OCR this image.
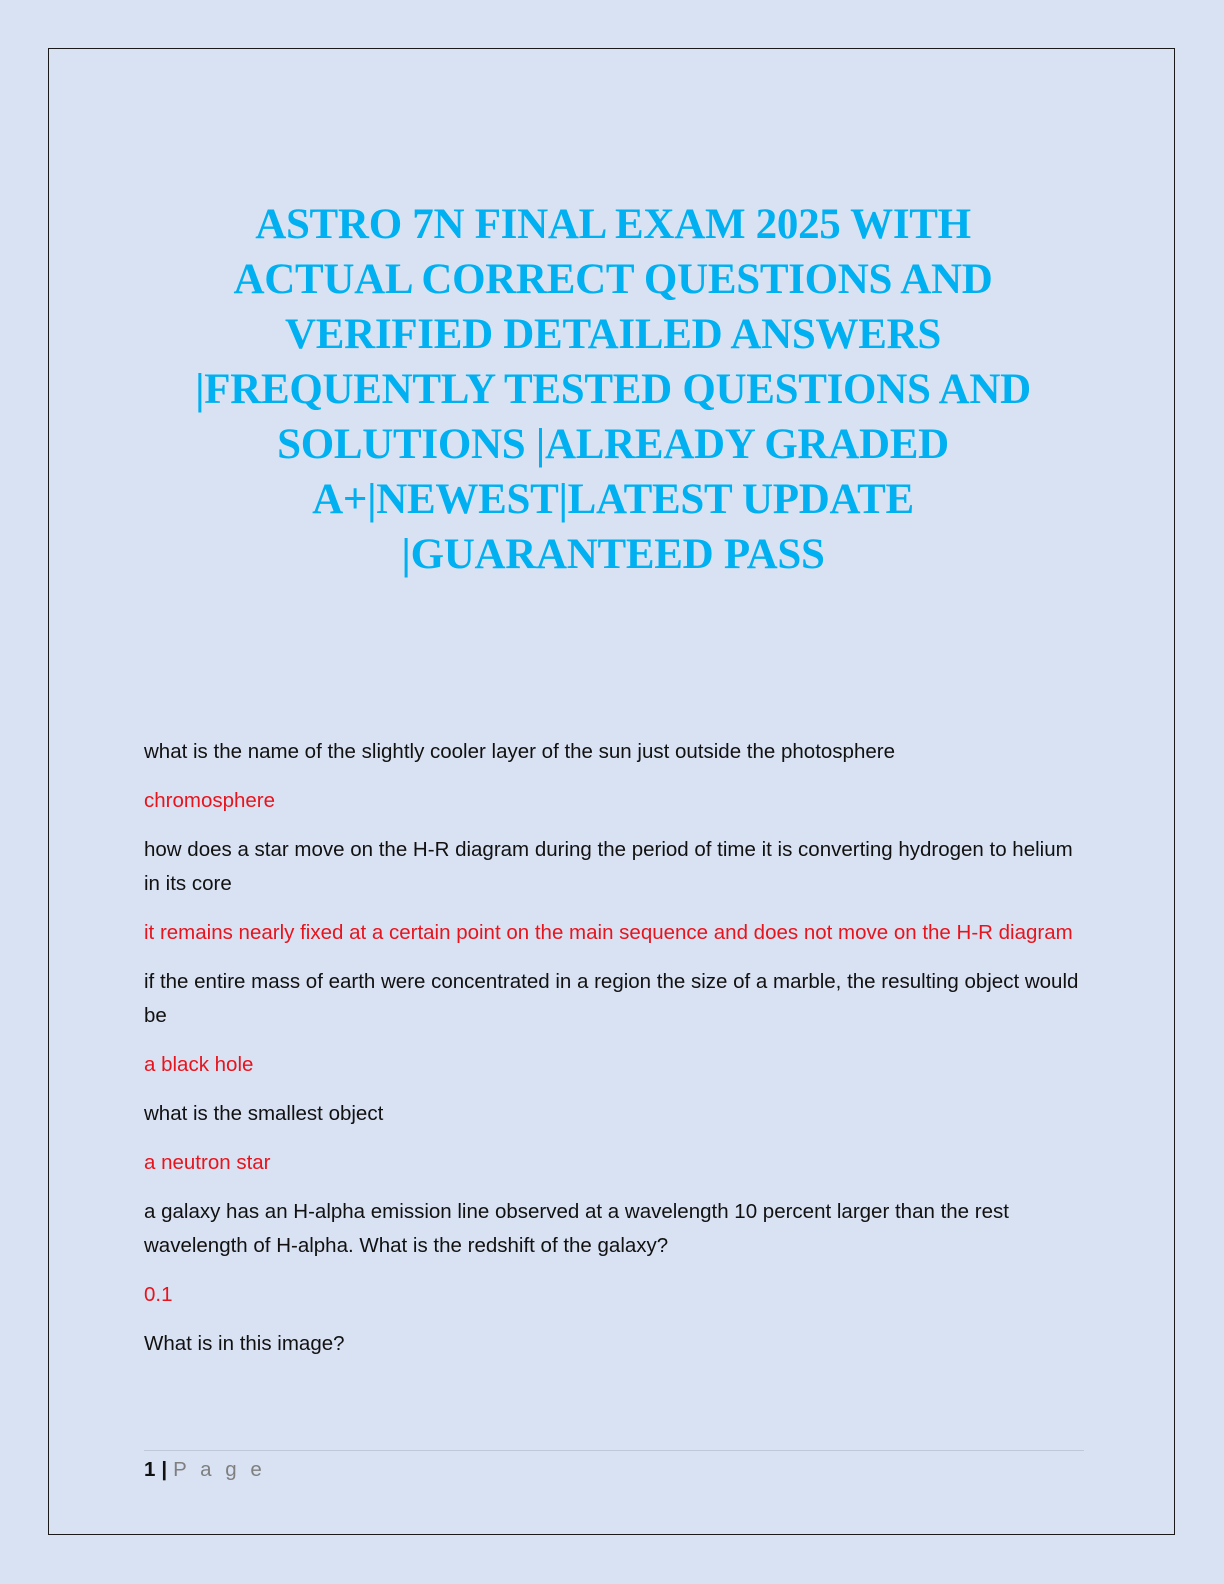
ASTRO 7N FINAL EXAM 2025 WITH
ACTUAL CORRECT QUESTIONS AND
VERIFIED DETAILED ANSWERS
|FREQUENTLY TESTED QUESTIONS AND
SOLUTIONS |ALREADY GRADED
A+|NEWEST|LATEST UPDATE
|GUARANTEED PASS

what is the name of the slightly cooler layer of the sun just outside the photosphere

chromosphere

how does a star move on the H-R diagram during the period of time it is converting hydrogen to helium in its core

it remains nearly fixed at a certain point on the main sequence and does not move on the H-R diagram

if the entire mass of earth were concentrated in a region the size of a marble, the resulting object would be

a black hole

what is the smallest object

a neutron star

a galaxy has an H-alpha emission line observed at a wavelength 10 percent larger than the rest wavelength of H-alpha. What is the redshift of the galaxy?

0.1

What is in this image?

1 | P a g e
